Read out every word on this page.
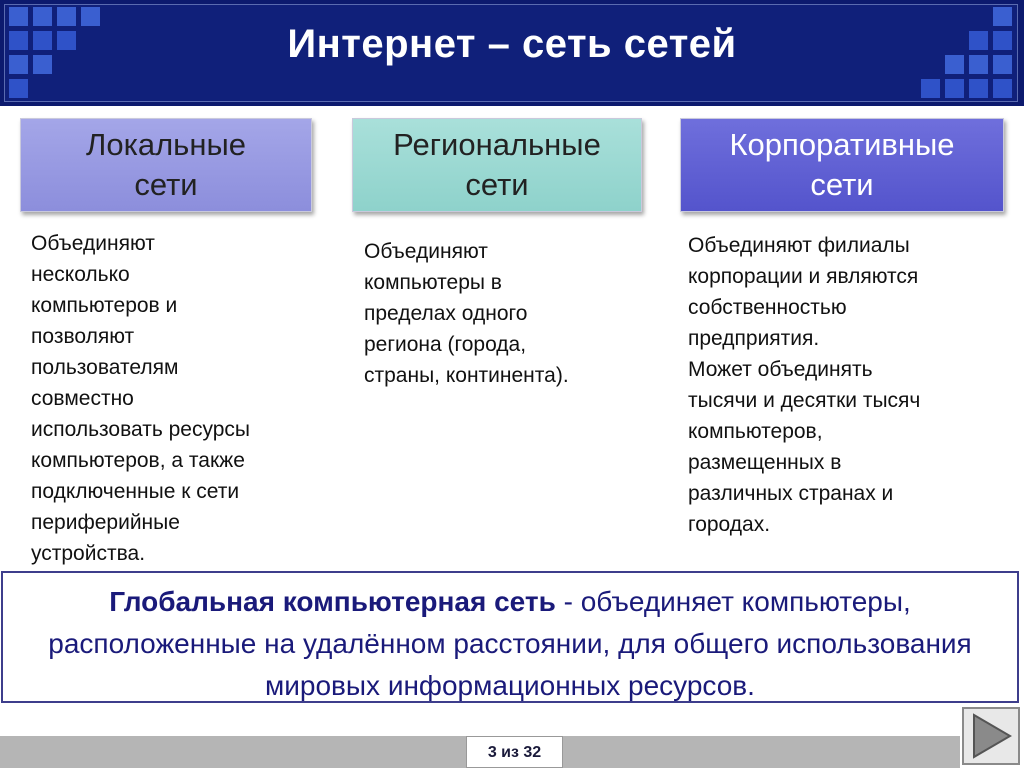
Интернет – сеть сетей
Локальные
сети
Региональные
сети
Корпоративные
сети
Объединяют
несколько
компьютеров и
позволяют
пользователям
совместно
использовать ресурсы
компьютеров, а также
подключенные к сети
периферийные
устройства.
Объединяют
компьютеры в
пределах одного
региона (города,
страны, континента).
Объединяют филиалы
корпорации и являются
собственностью
предприятия.
Может объединять
тысячи и десятки тысяч
компьютеров,
размещенных в
различных странах и
городах.
Глобальная компьютерная сеть - объединяет компьютеры, расположенные на удалённом расстоянии, для общего использования мировых информационных ресурсов.
3 из 32
